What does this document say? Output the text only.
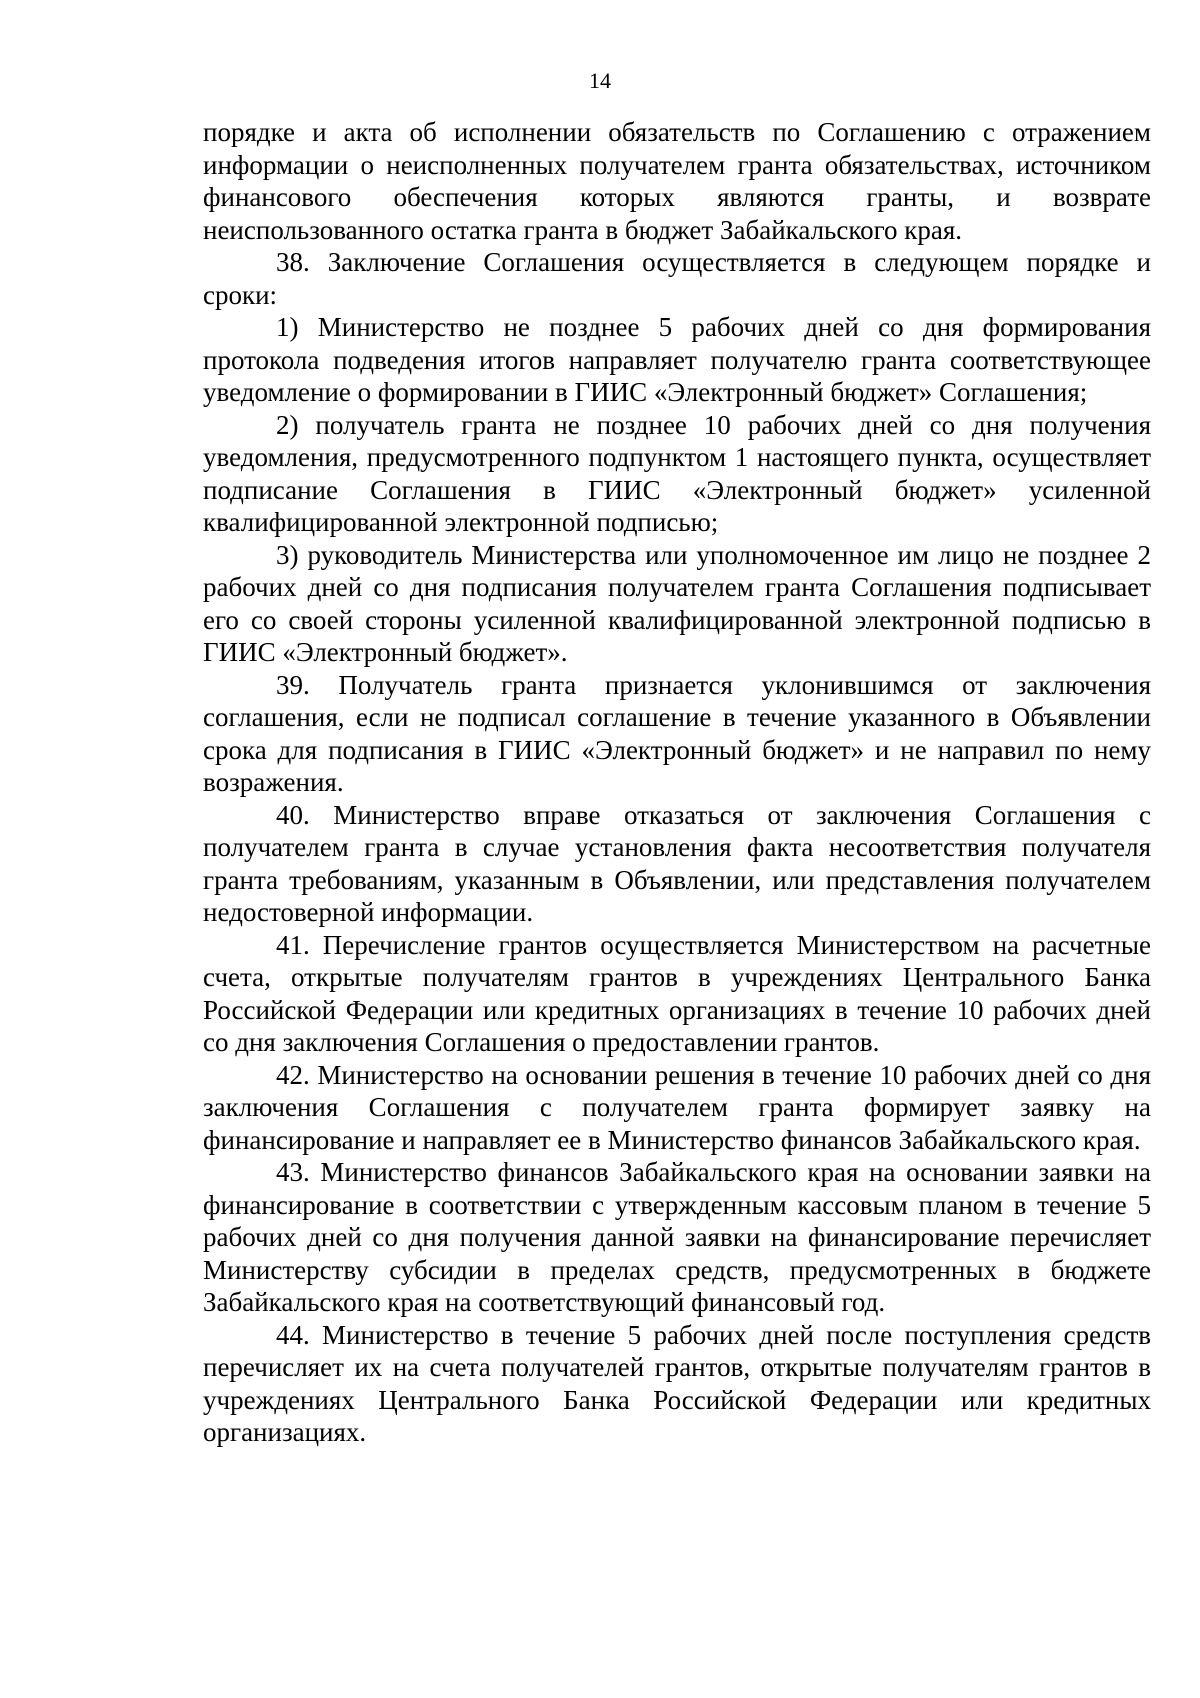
14

порядке и акта об исполнении обязательств по Соглашению с отражением информации о неисполненных получателем гранта обязательствах, источником финансового обеспечения которых являются гранты, и возврате неиспользованного остатка гранта в бюджет Забайкальского края.

38. Заключение Соглашения осуществляется в следующем порядке и сроки:

1) Министерство не позднее 5 рабочих дней со дня формирования протокола подведения итогов направляет получателю гранта соответствующее уведомление о формировании в ГИИС «Электронный бюджет» Соглашения;

2) получатель гранта не позднее 10 рабочих дней со дня получения уведомления, предусмотренного подпунктом 1 настоящего пункта, осуществляет подписание Соглашения в ГИИС «Электронный бюджет» усиленной квалифицированной электронной подписью;

3) руководитель Министерства или уполномоченное им лицо не позднее 2 рабочих дней со дня подписания получателем гранта Соглашения подписывает его со своей стороны усиленной квалифицированной электронной подписью в ГИИС «Электронный бюджет».

39. Получатель гранта признается уклонившимся от заключения соглашения, если не подписал соглашение в течение указанного в Объявлении срока для подписания в ГИИС «Электронный бюджет» и не направил по нему возражения.

40. Министерство вправе отказаться от заключения Соглашения с получателем гранта в случае установления факта несоответствия получателя гранта требованиям, указанным в Объявлении, или представления получателем недостоверной информации.

41. Перечисление грантов осуществляется Министерством на расчетные счета, открытые получателям грантов в учреждениях Центрального Банка Российской Федерации или кредитных организациях в течение 10 рабочих дней со дня заключения Соглашения о предоставлении грантов.

42. Министерство на основании решения в течение 10 рабочих дней со дня заключения Соглашения с получателем гранта формирует заявку на финансирование и направляет ее в Министерство финансов Забайкальского края.

43. Министерство финансов Забайкальского края на основании заявки на финансирование в соответствии с утвержденным кассовым планом в течение 5 рабочих дней со дня получения данной заявки на финансирование перечисляет Министерству субсидии в пределах средств, предусмотренных в бюджете Забайкальского края на соответствующий финансовый год.

44. Министерство в течение 5 рабочих дней после поступления средств перечисляет их на счета получателей грантов, открытые получателям грантов в учреждениях Центрального Банка Российской Федерации или кредитных организациях.
